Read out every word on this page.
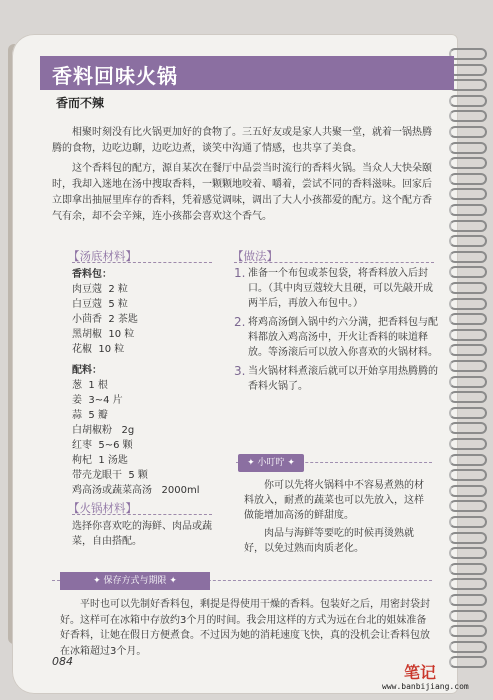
香料回味火锅
香而不辣

相聚时刻没有比火锅更加好的食物了。三五好友或是家人共聚一堂，就着一锅热腾腾的食物，边吃边聊，边吃边煮，谈笑中沟通了情感，也共享了美食。

这个香料包的配方，源自某次在餐厅中品尝当时流行的香料火锅。当众人大快朵颐时，我却入迷地在汤中搜取香料，一颗颗地咬着、嚼着，尝试不同的香料滋味。回家后立即拿出抽屉里库存的香料，凭着感觉调味，调出了大人小孩都爱的配方。这个配方香气有余，却不会辛辣，连小孩都会喜欢这个香气。

【汤底材料】
香料包：
肉豆蔻  2 粒
白豆蔻  5 粒
小茴香  2 茶匙
黑胡椒  10 粒
花椒  10 粒
配料：
葱  1 根
姜  3~4 片
蒜  5 瓣
白胡椒粉   2g
红枣  5~6 颗
枸杞  1 汤匙
带壳龙眼干  5 颗
鸡高汤或蔬菜高汤   2000ml
【火锅材料】
选择你喜欢吃的海鲜、肉品或蔬菜，自由搭配。
【做法】
1. 准备一个布包或茶包袋，将香料放入后封口。（其中肉豆蔻较大且硬，可以先敲开成两半后，再放入布包中。）
2. 将鸡高汤倒入锅中约六分满，把香料包与配料都放入鸡高汤中，开火让香料的味道释放。等汤滚后可以放入你喜欢的火锅材料。
3. 当火锅材料煮滚后就可以开始享用热腾腾的香料火锅了。
✦ 小叮咛 ✦

你可以先将火锅料中不容易煮熟的材料放入，耐煮的蔬菜也可以先放入，这样做能增加高汤的鲜甜度。

肉品与海鲜等要吃的时候再烫熟就好，以免过熟而肉质老化。

✦ 保存方式与期限 ✦
平时也可以先制好香料包，剩提是得使用干燥的香料。包装好之后，用密封袋封好。这样可在冰箱中存放约3个月的时间。我会用这样的方式为远在台北的姐妹准备好香料，让她在假日方便煮食。不过因为她的消耗速度飞快，真的没机会让香料包放在冰箱超过3个月。
084
笔记
www.banbijiang.com
